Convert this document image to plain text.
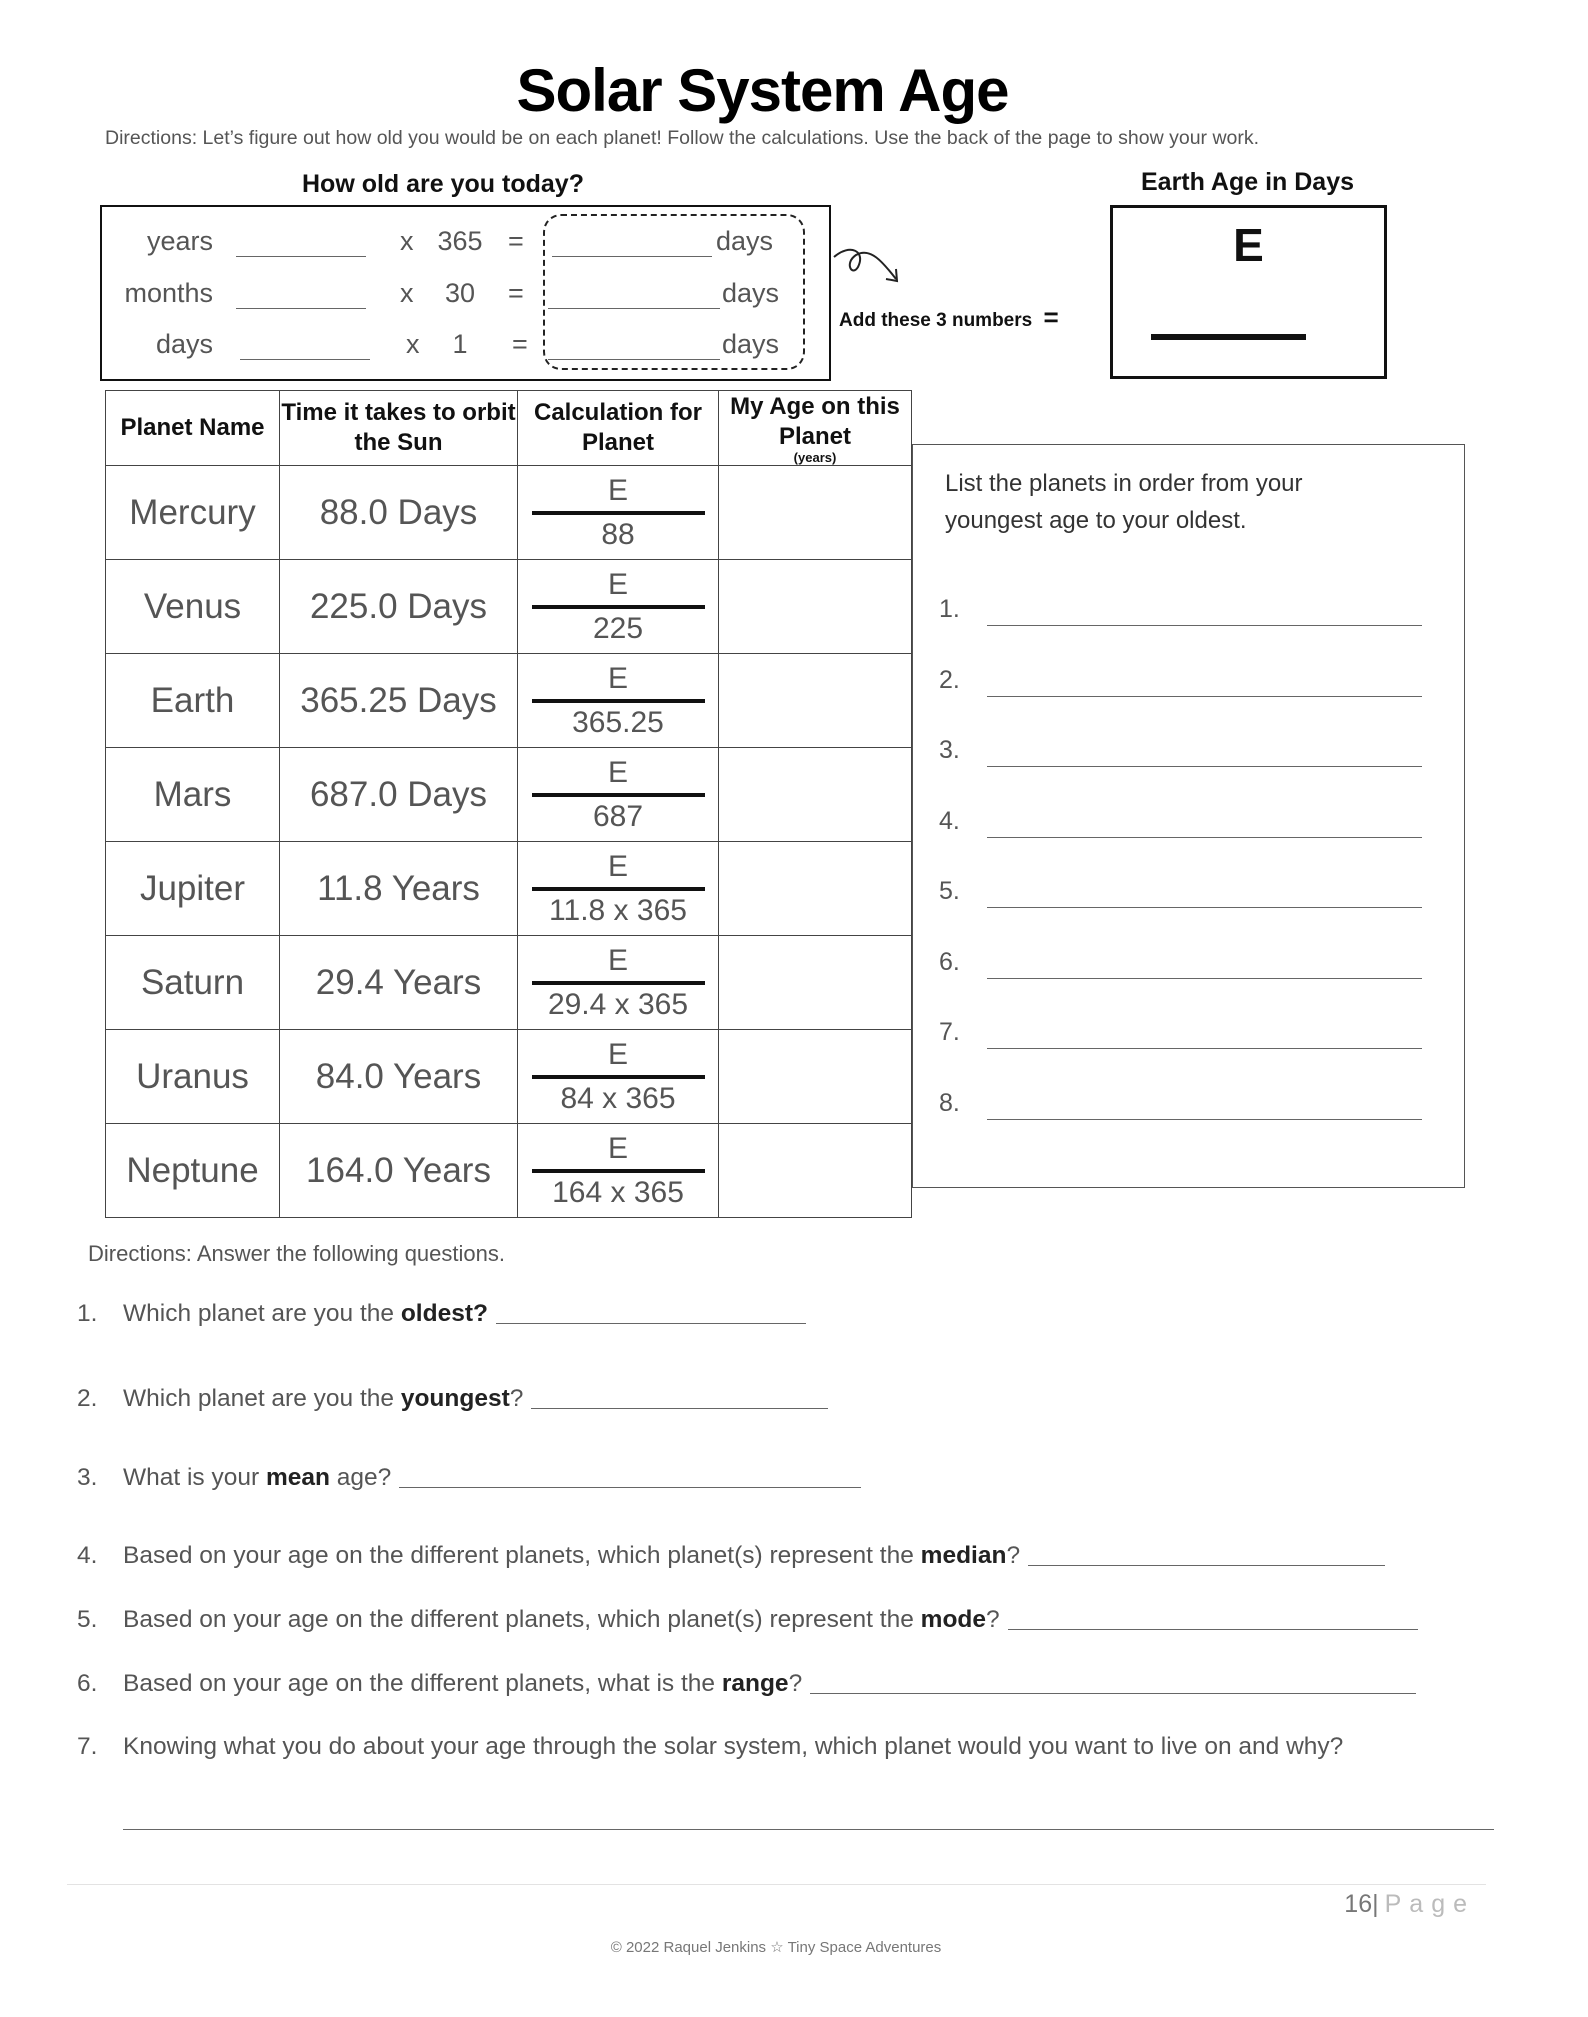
Solar System Age
Directions: Let’s figure out how old you would be on each planet! Follow the calculations. Use the back of the page to show your work.
How old are you today?
years	x 365 =	days
months	x	30	=	days
days	x	1	=	days
Add these 3 numbers =
Earth Age in Days
E
Planet Name	Time it takes to orbit the Sun	Calculation for Planet	My Age on this Planet
(years)

Mercury	88.0 Days	E
88	

Venus	225.0 Days	E
225	

Earth	365.25 Days	E
365.25	

Mars	687.0 Days	E
687	

Jupiter	11.8 Years	E
11.8 x 365	

Saturn	29.4 Years	E
29.4 x 365	

Uranus	84.0 Years	E
84 x 365	

Neptune	164.0 Years	E
164 x 365	

List the planets in order from your youngest age to your oldest.
1.
2.
3.
4.
5.
6.
7.
8.
Directions: Answer the following questions.
1. Which planet are you the oldest?
2. Which planet are you the youngest?
3. What is your mean age?
4. Based on your age on the different planets, which planet(s) represent the median?
5. Based on your age on the different planets, which planet(s) represent the mode?
6. Based on your age on the different planets, what is the range?
7. Knowing what you do about your age through the solar system, which planet would you want to live on and why?
16| Page
© 2022 Raquel Jenkins ☆ Tiny Space Adventures
